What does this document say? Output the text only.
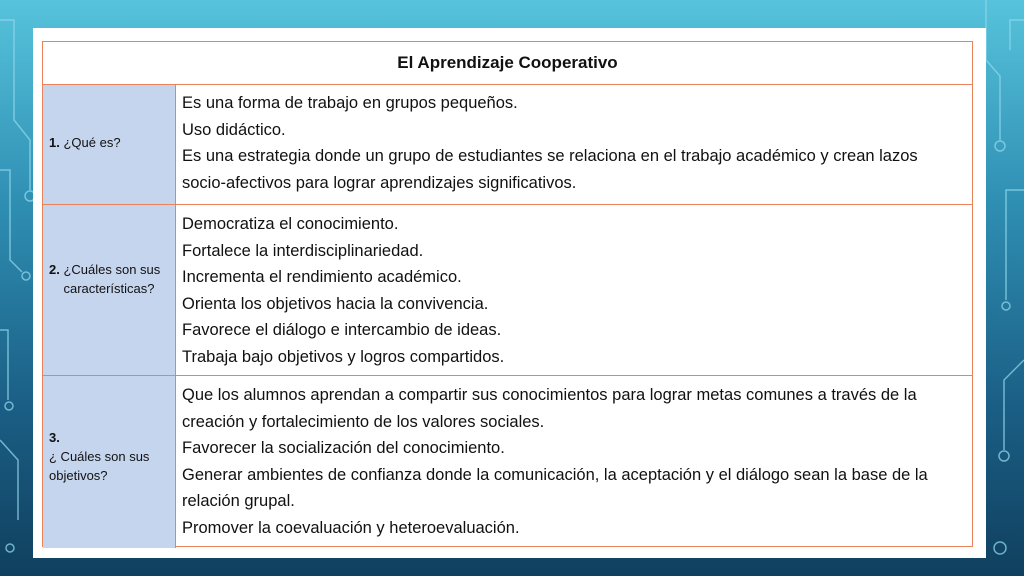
El Aprendizaje Cooperativo
1. ¿Qué es?
Es una forma de trabajo en grupos pequeños.
Uso didáctico.
Es una estrategia donde un grupo de estudiantes se relaciona en el trabajo académico y crean lazos socio-afectivos para lograr aprendizajes significativos.
2. ¿Cuáles son sus características?
Democratiza el conocimiento.
Fortalece la interdisciplinariedad.
Incrementa el rendimiento académico.
Orienta los objetivos hacia la convivencia.
Favorece el diálogo e intercambio de ideas.
Trabaja bajo objetivos y logros compartidos.
3. ¿ Cuáles son sus objetivos?
Que los alumnos aprendan a compartir sus conocimientos para lograr metas comunes a través de la creación y fortalecimiento de los valores sociales.
Favorecer la socialización del conocimiento.
Generar ambientes de confianza donde la comunicación, la aceptación y el diálogo sean la base de la relación grupal.
Promover la coevaluación y heteroevaluación.
